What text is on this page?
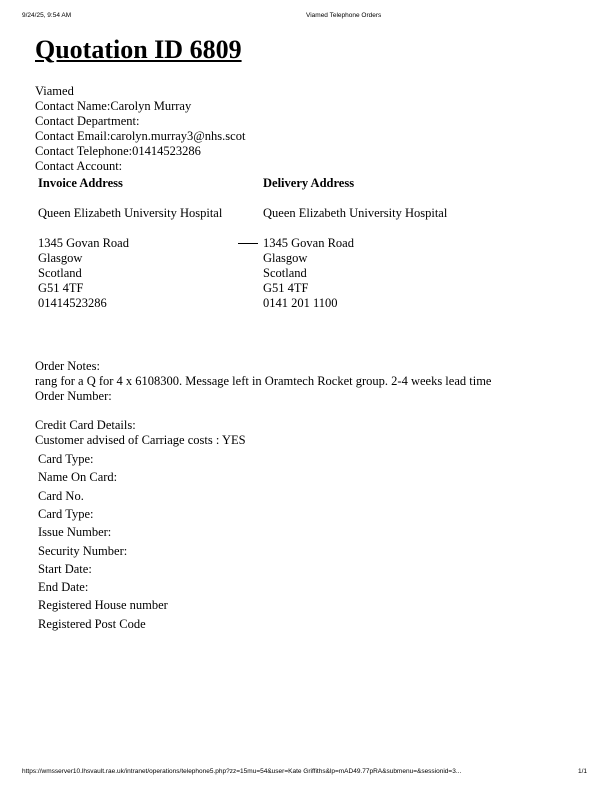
9/24/25, 9:54 AM	Viamed Telephone Orders
Quotation ID 6809
Invoice Address
Queen Elizabeth University Hospital
1345 Govan Road
Glasgow
Scotland
G51 4TF
01414523286
Delivery Address
Queen Elizabeth University Hospital
1345 Govan Road
Glasgow
Scotland
G51 4TF
0141 201 1100
Order Notes:
rang for a Q for 4 x 6108300. Message left in Oramtech Rocket group. 2-4 weeks lead time
Order Number:
Credit Card Details:
Customer advised of Carriage costs : YES
https://wmsserver10.lhsvault.rae.uk/intranet/operations/telephone5.php?zz=15mu=54&user=Kate Griffiths&lp=mAD49.77pRA&submenu=&sessionid=3...	1/1
Viamed
Contact Name:Carolyn Murray
Contact Department:
Contact Email:carolyn.murray3@nhs.scot
Contact Telephone:01414523286
Contact Account:
Card Type:
Name On Card:
Card No.
Card Type:
Issue Number:
Security Number:
Start Date:
End Date:
Registered House number
Registered Post Code
